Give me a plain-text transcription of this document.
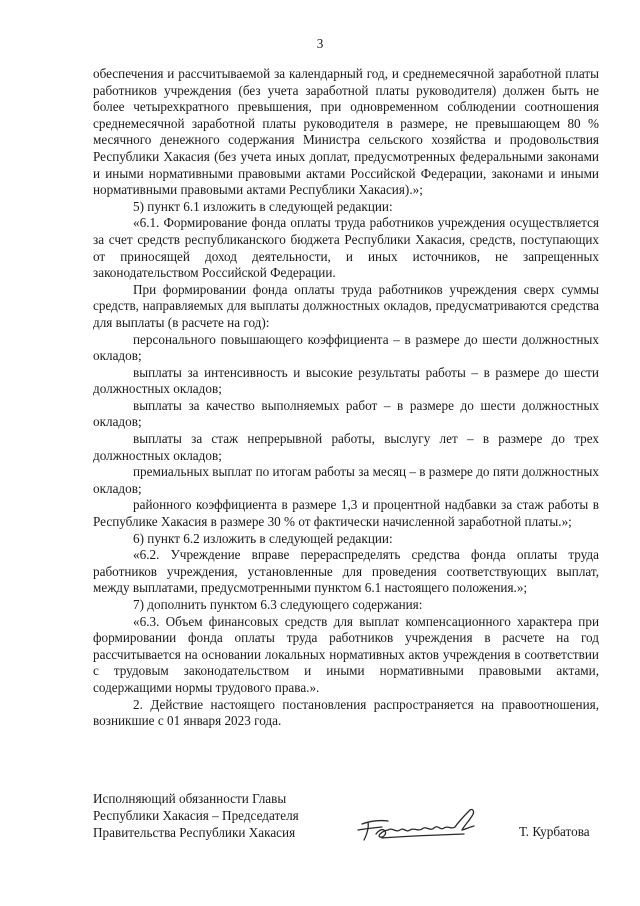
3

обеспечения и рассчитываемой за календарный год, и среднемесячной заработной платы работников учреждения (без учета заработной платы руководителя) должен быть не более четырехкратного превышения, при одновременном соблюдении соотношения среднемесячной заработной платы руководителя в размере, не превышающем 80 % месячного денежного содержания Министра сельского хозяйства и продовольствия Республики Хакасия (без учета иных доплат, предусмотренных федеральными законами и иными нормативными правовыми актами Российской Федерации, законами и иными нормативными правовыми актами Республики Хакасия).»;

5) пункт 6.1 изложить в следующей редакции:

«6.1. Формирование фонда оплаты труда работников учреждения осуществляется за счет средств республиканского бюджета Республики Хакасия, средств, поступающих от приносящей доход деятельности, и иных источников, не запрещенных законодательством Российской Федерации.

При формировании фонда оплаты труда работников учреждения сверх суммы средств, направляемых для выплаты должностных окладов, предусматриваются средства для выплаты (в расчете на год):

персонального повышающего коэффициента – в размере до шести должностных окладов;

выплаты за интенсивность и высокие результаты работы – в размере до шести должностных окладов;

выплаты за качество выполняемых работ – в размере до шести должностных окладов;

выплаты за стаж непрерывной работы, выслугу лет – в размере до трех должностных окладов;

премиальных выплат по итогам работы за месяц – в размере до пяти должностных окладов;

районного коэффициента в размере 1,3 и процентной надбавки за стаж работы в Республике Хакасия в размере 30 % от фактически начисленной заработной платы.»;

6) пункт 6.2 изложить в следующей редакции:

«6.2. Учреждение вправе перераспределять средства фонда оплаты труда работников учреждения, установленные для проведения соответствующих выплат, между выплатами, предусмотренными пунктом 6.1 настоящего положения.»;

7) дополнить пунктом 6.3 следующего содержания:

«6.3. Объем финансовых средств для выплат компенсационного характера при формировании фонда оплаты труда работников учреждения в расчете на год рассчитывается на основании локальных нормативных актов учреждения в соответствии с трудовым законодательством и иными нормативными правовыми актами, содержащими нормы трудового права.».

2. Действие настоящего постановления распространяется на правоотношения, возникшие с 01 января 2023 года.

Исполняющий обязанности Главы
Республики Хакасия – Председателя
Правительства Республики Хакасия	Т. Курбатова
